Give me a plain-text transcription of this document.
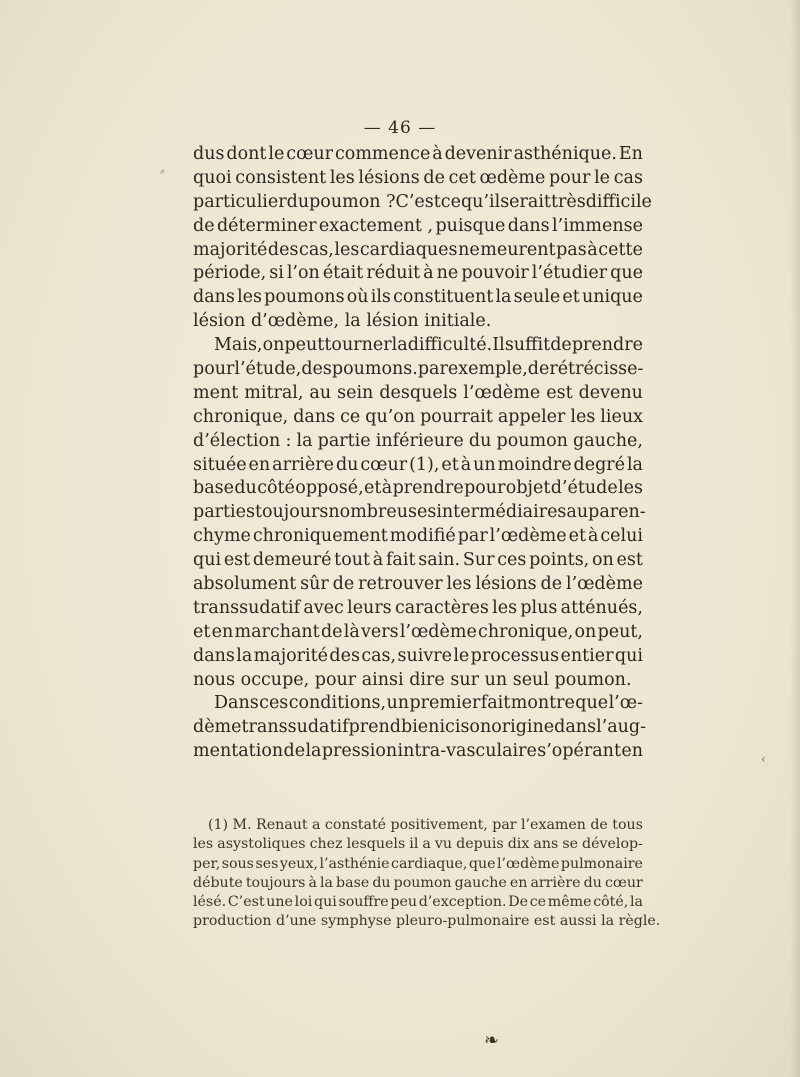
— 46 —
⸗
dus dont le cœur commence à devenir asthénique. En
quoi consistent les lésions de cet œdème pour le cas
particulier du poumon ? C’est ce qu’il serait très difficile
de déterminer exactement , puisque dans l’immense
majorité des cas, les cardiaques ne meurent pas à cette
période, si l’on était réduit à ne pouvoir l’étudier que
dans les poumons où ils constituent la seule et unique
lésion d’œdème, la lésion initiale.
Mais, on peut tourner la difficulté. Il suffit de prendre
pour l’étude, des poumons. par exemple, de rétrécisse-
ment mitral, au sein desquels l’œdème est devenu
chronique, dans ce qu’on pourrait appeler les lieux
d’élection : la partie inférieure du poumon gauche,
située en arrière du cœur (1), et à un moindre degré la
base du côté opposé, et à prendre pour objet d’étude les
parties toujours nombreuses intermédiaires au paren-
chyme chroniquement modifié par l’œdème et à celui
qui est demeuré tout à fait sain. Sur ces points, on est
absolument sûr de retrouver les lésions de l’œdème
transsudatif avec leurs caractères les plus atténués,
et en marchant de là vers l’œdème chronique, on peut,
dans la majorité des cas, suivre le processus entier qui
nous occupe, pour ainsi dire sur un seul poumon.
Dans ces conditions, un premier fait montre que l’œ-
dème transsudatif prend bien ici son origine dans l’aug-
mentation de la pression intra-vasculaire s’opérant en	‹
(1) M. Renaut a constaté positivement, par l’examen de tous
les asystoliques chez lesquels il a vu depuis dix ans se dévelop-
per, sous ses yeux, l’asthénie cardiaque, que l’œdème pulmonaire
débute toujours à la base du poumon gauche en arrière du cœur
lésé. C’est une loi qui souffre peu d’exception. De ce même côté, la
production d’une symphyse pleuro-pulmonaire est aussi la règle.
❧
